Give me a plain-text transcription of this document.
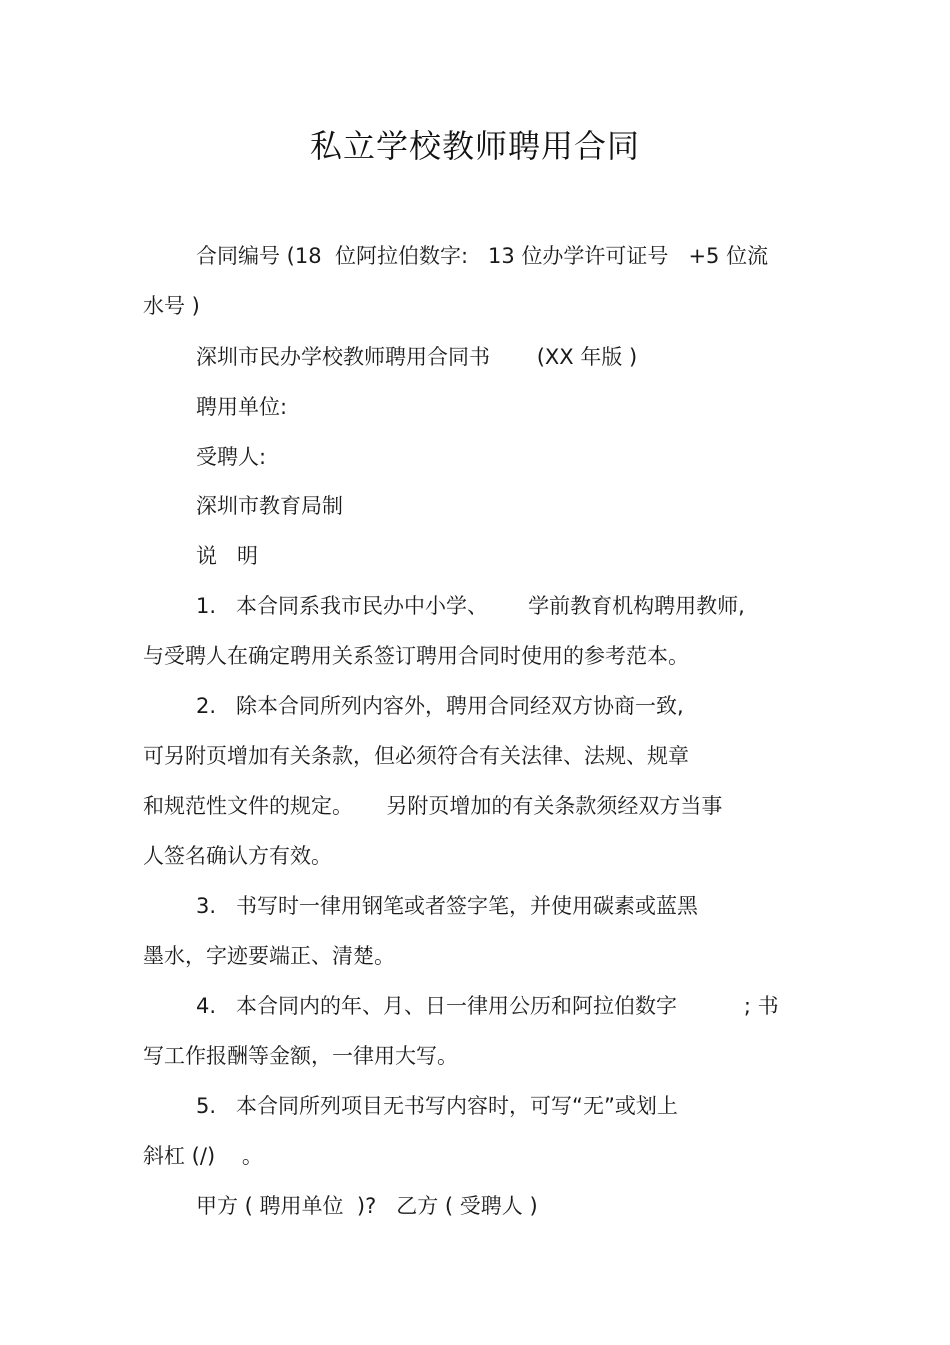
私立学校教师聘用合同
合同编号 (18  位阿拉伯数字:   13 位办学许可证号   +5 位流
水号 )
深圳市民办学校教师聘用合同书       (XX 年版 )
聘用单位:
受聘人:
深圳市教育局制
说   明
1.   本合同系我市民办中小学、      学前教育机构聘用教师,
与受聘人在确定聘用关系签订聘用合同时使用的参考范本。
2.   除本合同所列内容外，聘用合同经双方协商一致,
可另附页增加有关条款，但必须符合有关法律、法规、规章
和规范性文件的规定。     另附页增加的有关条款须经双方当事
人签名确认方有效。
3.   书写时一律用钢笔或者签字笔，并使用碳素或蓝黑
墨水，字迹要端正、清楚。
4.   本合同内的年、月、日一律用公历和阿拉伯数字          ; 书
写工作报酬等金额，一律用大写。
5.   本合同所列项目无书写内容时，可写“无”或划上
斜杠 (/)    。
甲方 ( 聘用单位  )?   乙方 ( 受聘人 )
